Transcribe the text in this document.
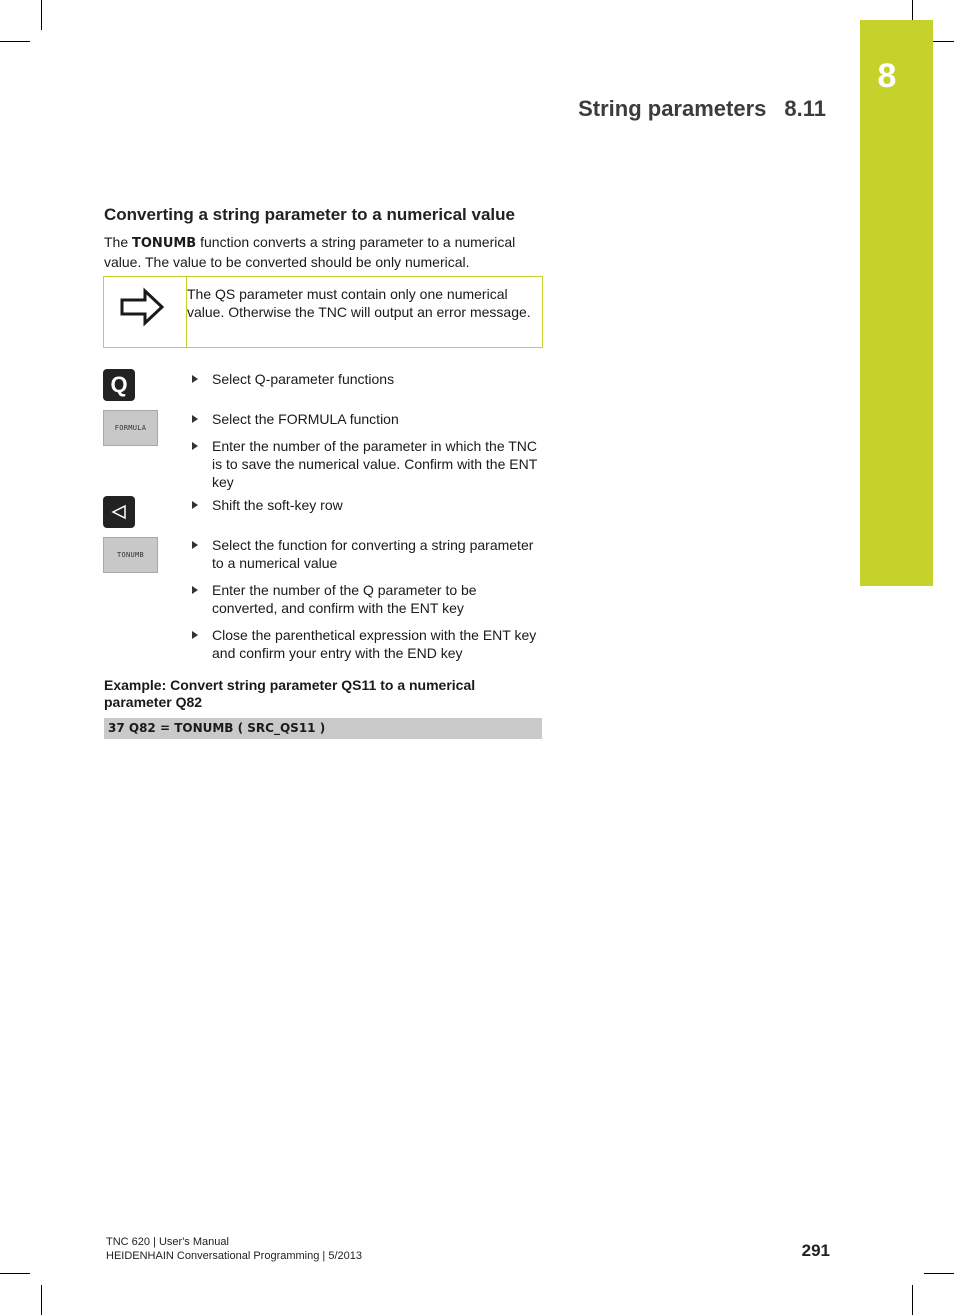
8
String parameters 8.11
Converting a string parameter to a numerical value

The TONUMB function converts a string parameter to a numerical value. The value to be converted should be only numerical.

The QS parameter must contain only one numerical value. Otherwise the TNC will output an error message.
Q
FORMULA
TONUMB
Select Q-parameter functions
Select the FORMULA function
Enter the number of the parameter in which the TNC is to save the numerical value. Confirm with the ENT key
Shift the soft-key row
Select the function for converting a string parameter to a numerical value
Enter the number of the Q parameter to be converted, and confirm with the ENT key
Close the parenthetical expression with the ENT key and confirm your entry with the END key
Example: Convert string parameter QS11 to a numerical parameter Q82
37 Q82 = TONUMB ( SRC_QS11 )
TNC 620 | User's Manual
HEIDENHAIN Conversational Programming | 5/2013	291
